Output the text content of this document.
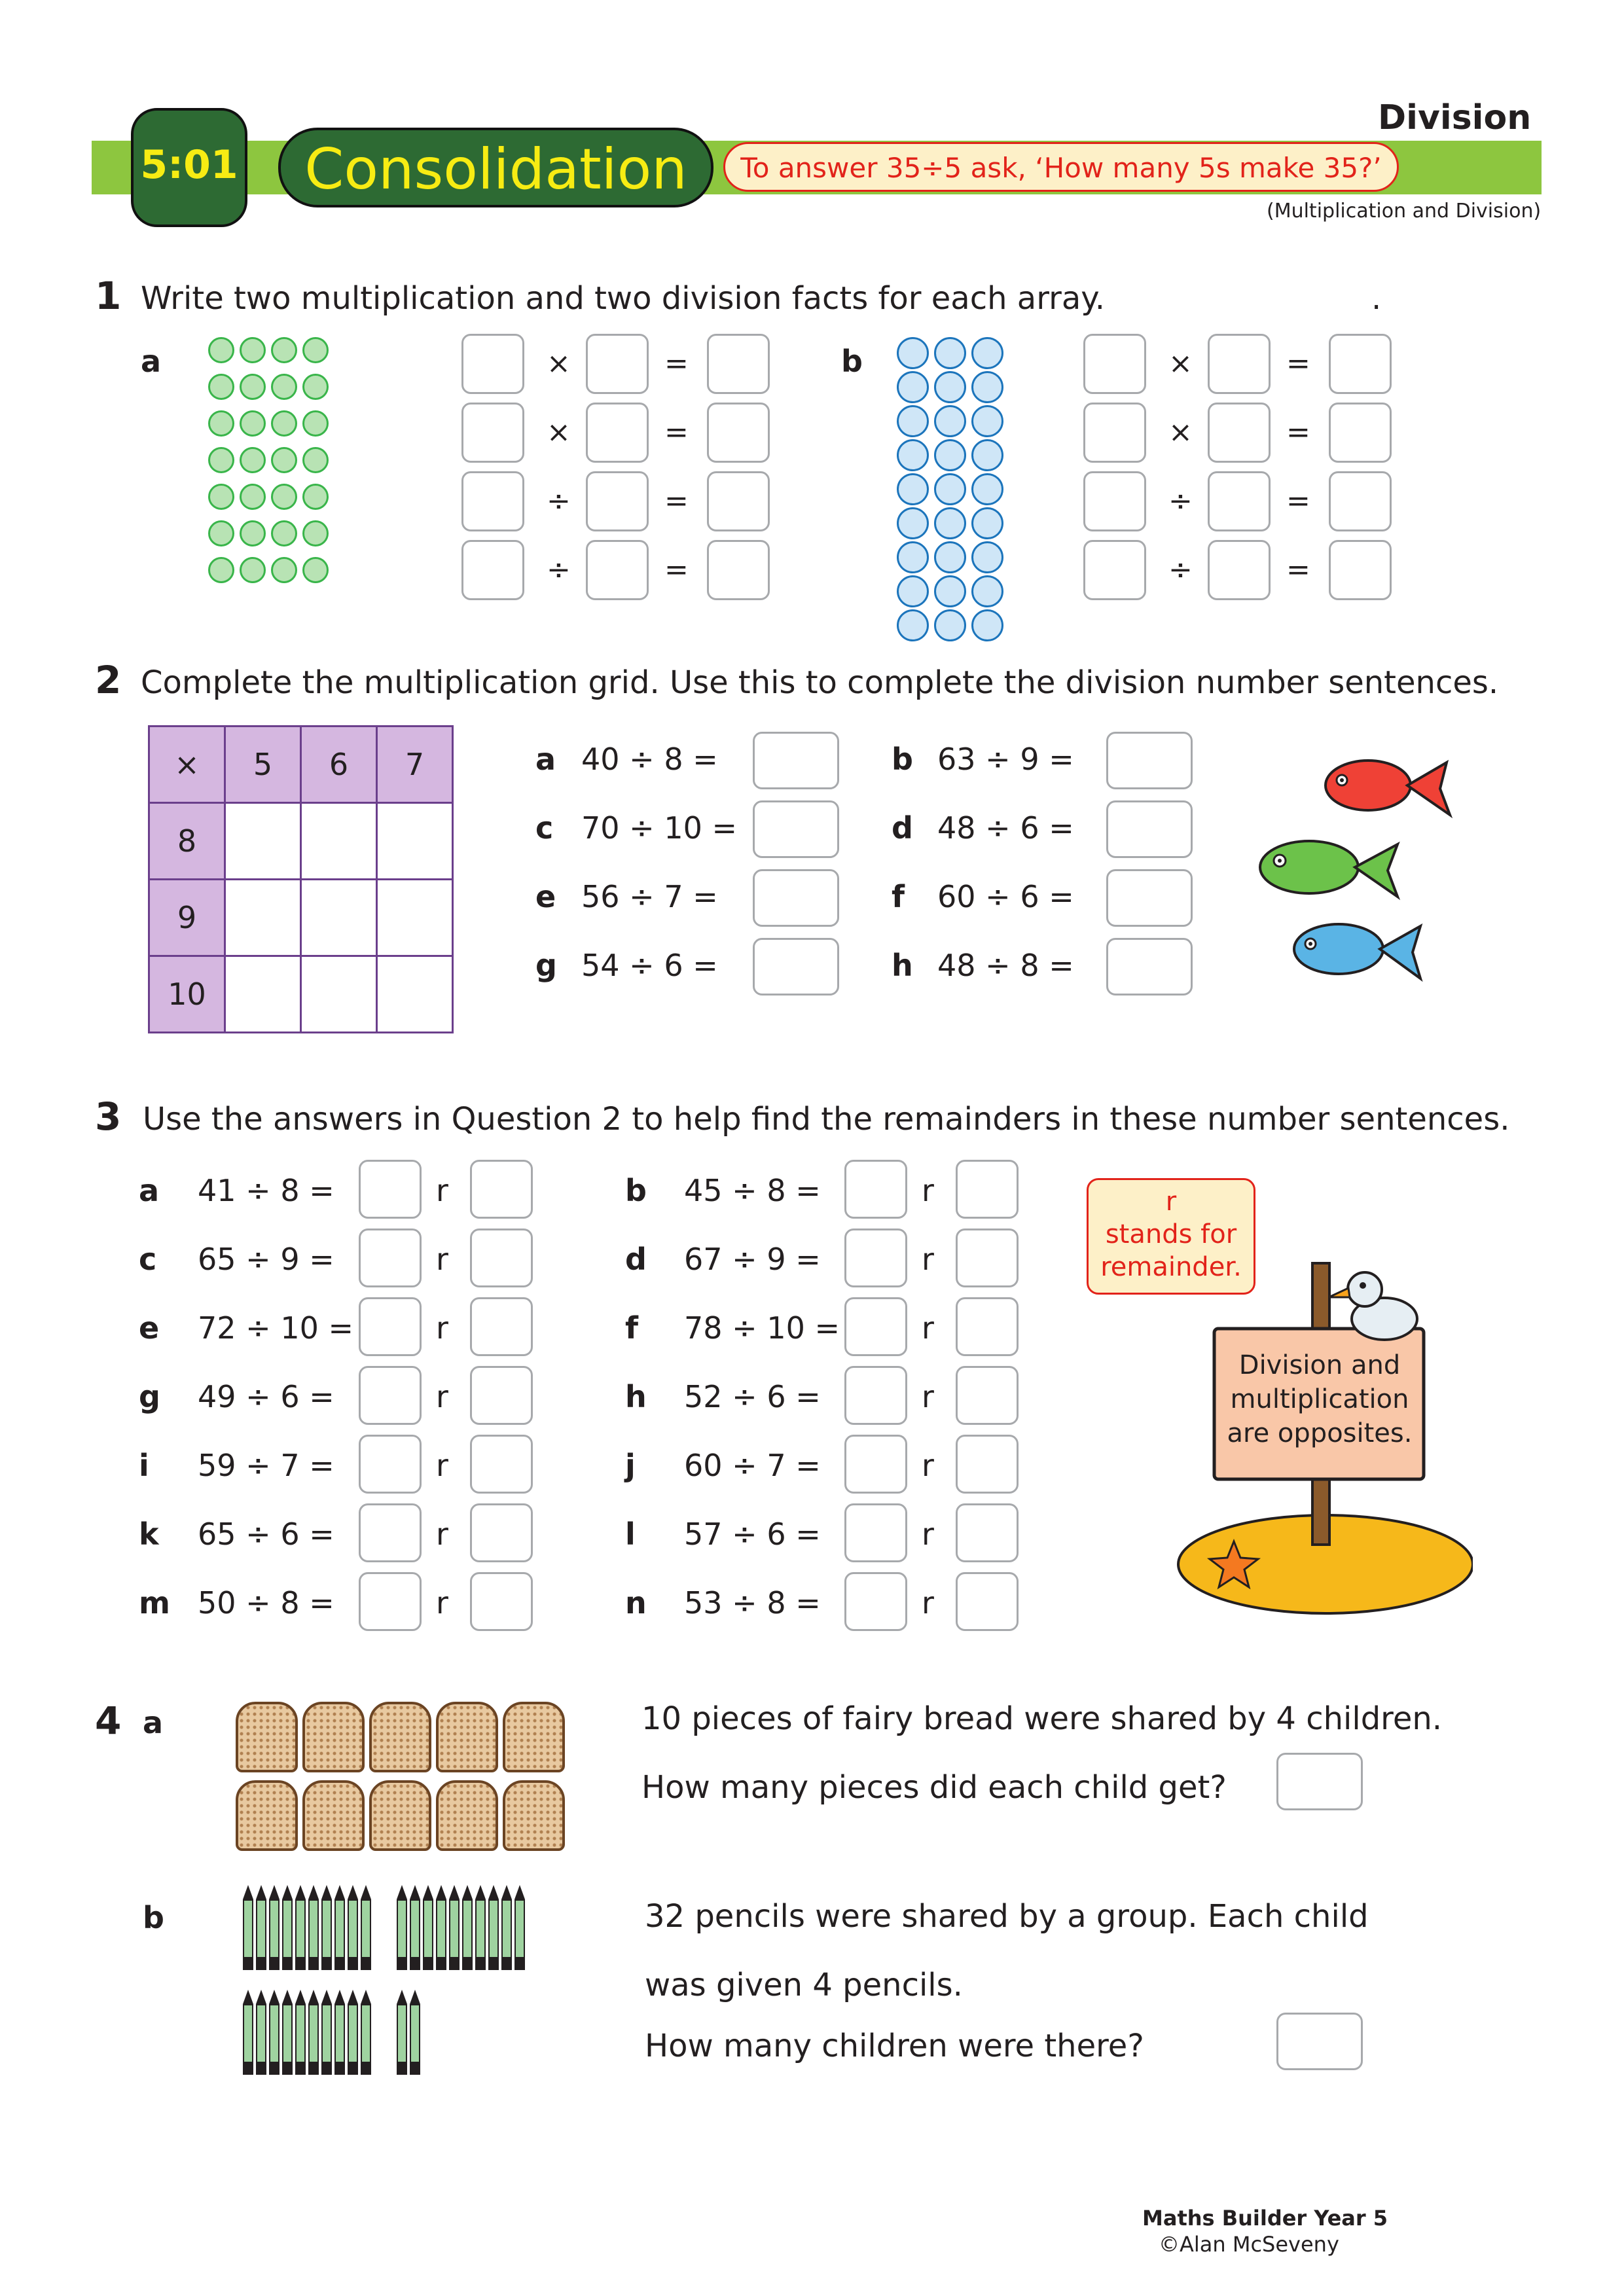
Division
5:01	Consolidation	To answer 35÷5 ask, ‘How many 5s make 35?’
(Multiplication and Division)
1 Write two multiplication and two division facts for each array.	.
a	×	=
×	=
÷	=
÷	=
b	×	=
×	=
÷	=
÷	=
2 Complete the multiplication grid. Use this to complete the division number sentences.
×	5	6	7
8			
9			
10			
a 40 ÷ 8 =
c 70 ÷ 10 =
e 56 ÷ 7 =
g 54 ÷ 6 =
b 63 ÷ 9 =
d 48 ÷ 6 =
f 60 ÷ 6 =
h 48 ÷ 8 =
3 Use the answers in Question 2 to help find the remainders in these number sentences.
a 41 ÷ 8 =	r
c 65 ÷ 9 =	r
e 72 ÷ 10 =	r
g 49 ÷ 6 =	r
i 59 ÷ 7 =	r
k 65 ÷ 6 =	r
m 50 ÷ 8 =	r
b 45 ÷ 8 =	r
d 67 ÷ 9 =	r
f 78 ÷ 10 =	r
h 52 ÷ 6 =	r
j 60 ÷ 7 =	r
l 57 ÷ 6 =	r
n 53 ÷ 8 =	r
r
stands for
remainder.
Division and
multiplication
are opposites.
4 a	10 pieces of fairy bread were shared by 4 children.
How many pieces did each child get?
b	32 pencils were shared by a group. Each child
was given 4 pencils.
How many children were there?
Maths Builder Year 5
©Alan McSeveny
